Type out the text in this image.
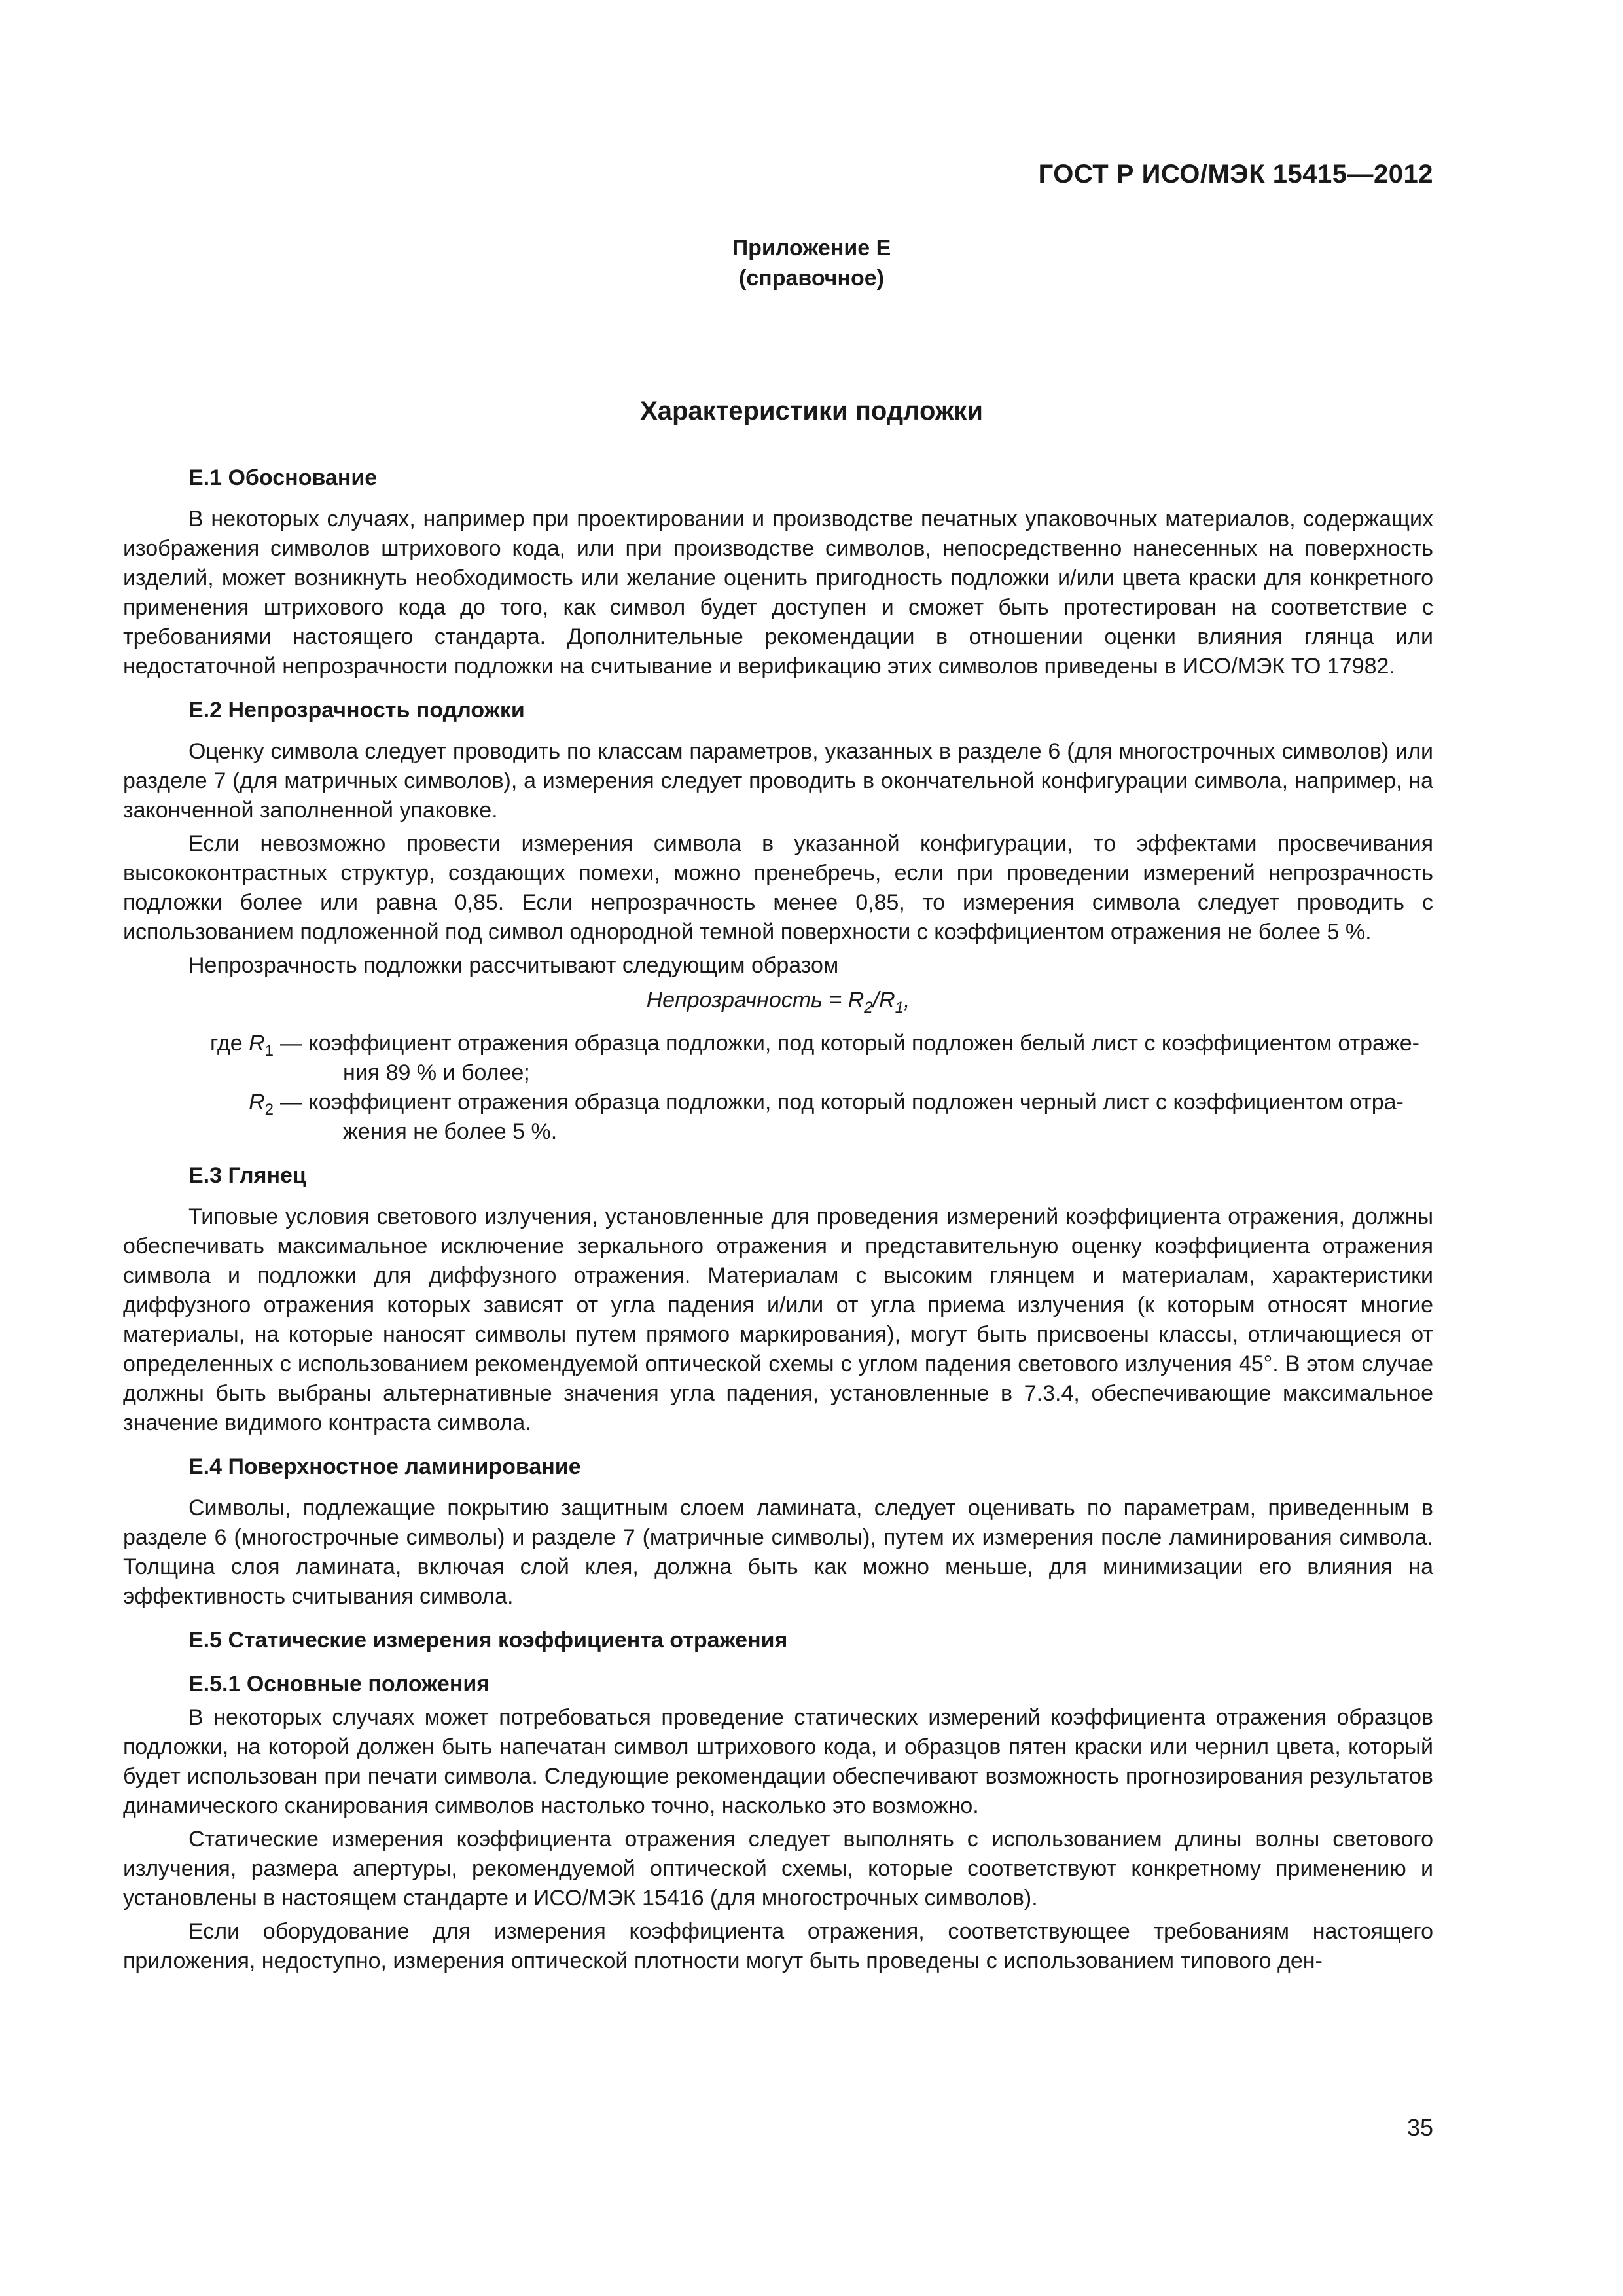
ГОСТ Р ИСО/МЭК 15415—2012
Приложение Е
(справочное)
Характеристики подложки
Е.1 Обоснование
В некоторых случаях, например при проектировании и производстве печатных упаковочных материалов, содержащих изображения символов штрихового кода, или при производстве символов, непосредственно нанесенных на поверхность изделий, может возникнуть необходимость или желание оценить пригодность подложки и/или цвета краски для конкретного применения штрихового кода до того, как символ будет доступен и сможет быть протестирован на соответствие с требованиями настоящего стандарта. Дополнительные рекомендации в отношении оценки влияния глянца или недостаточной непрозрачности подложки на считывание и верификацию этих символов приведены в ИСО/МЭК ТО 17982.
Е.2 Непрозрачность подложки
Оценку символа следует проводить по классам параметров, указанных в разделе 6 (для многострочных символов) или разделе 7 (для матричных символов), а измерения следует проводить в окончательной конфигурации символа, например, на законченной заполненной упаковке.
Если невозможно провести измерения символа в указанной конфигурации, то эффектами просвечивания высококонтрастных структур, создающих помехи, можно пренебречь, если при проведении измерений непрозрачность подложки более или равна 0,85. Если непрозрачность менее 0,85, то измерения символа следует проводить с использованием подложенной под символ однородной темной поверхности с коэффициентом отражения не более 5 %.
Непрозрачность подложки рассчитывают следующим образом
Непрозрачность = $R_2/R_1$,
где $R_1$ — коэффициент отражения образца подложки, под который подложен белый лист с коэффициентом отраже-
ния 89 % и более;
$R_2$ — коэффициент отражения образца подложки, под который подложен черный лист с коэффициентом отра-
жения не более 5 %.
Е.3 Глянец
Типовые условия светового излучения, установленные для проведения измерений коэффициента отражения, должны обеспечивать максимальное исключение зеркального отражения и представительную оценку коэффициента отражения символа и подложки для диффузного отражения. Материалам с высоким глянцем и материалам, характеристики диффузного отражения которых зависят от угла падения и/или от угла приема излучения (к которым относят многие материалы, на которые наносят символы путем прямого маркирования), могут быть присвоены классы, отличающиеся от определенных с использованием рекомендуемой оптической схемы с углом падения светового излучения 45°. В этом случае должны быть выбраны альтернативные значения угла падения, установленные в 7.3.4, обеспечивающие максимальное значение видимого контраста символа.
Е.4 Поверхностное ламинирование
Символы, подлежащие покрытию защитным слоем ламината, следует оценивать по параметрам, приведенным в разделе 6 (многострочные символы) и разделе 7 (матричные символы), путем их измерения после ламинирования символа. Толщина слоя ламината, включая слой клея, должна быть как можно меньше, для минимизации его влияния на эффективность считывания символа.
Е.5 Статические измерения коэффициента отражения
Е.5.1 Основные положения
В некоторых случаях может потребоваться проведение статических измерений коэффициента отражения образцов подложки, на которой должен быть напечатан символ штрихового кода, и образцов пятен краски или чернил цвета, который будет использован при печати символа. Следующие рекомендации обеспечивают возможность прогнозирования результатов динамического сканирования символов настолько точно, насколько это возможно.
Статические измерения коэффициента отражения следует выполнять с использованием длины волны светового излучения, размера апертуры, рекомендуемой оптической схемы, которые соответствуют конкретному применению и установлены в настоящем стандарте и ИСО/МЭК 15416 (для многострочных символов).
Если оборудование для измерения коэффициента отражения, соответствующее требованиям настоящего приложения, недоступно, измерения оптической плотности могут быть проведены с использованием типового ден-
35
